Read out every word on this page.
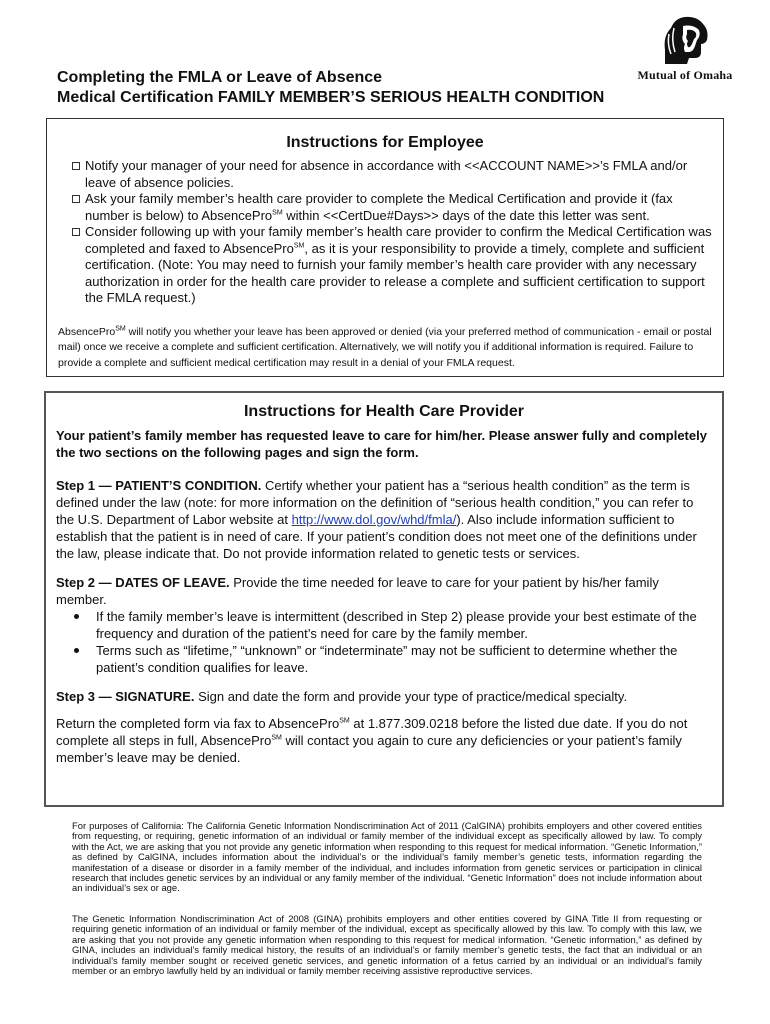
Mutual of Omaha
Completing the FMLA or Leave of Absence
Medical Certification FAMILY MEMBER’S SERIOUS HEALTH CONDITION
Instructions for Employee
Notify your manager of your need for absence in accordance with <<ACCOUNT NAME>>’s FMLA and/or leave of absence policies.
Ask your family member’s health care provider to complete the Medical Certification and provide it (fax number is below) to AbsencePro℠ within <<CertDue#Days>> days of the date this letter was sent.
Consider following up with your family member’s health care provider to confirm the Medical Certification was completed and faxed to AbsencePro℠, as it is your responsibility to provide a timely, complete and sufficient certification. (Note: You may need to furnish your family member’s health care provider with any necessary authorization in order for the health care provider to release a complete and sufficient certification to support the FMLA request.)
AbsencePro℠ will notify you whether your leave has been approved or denied (via your preferred method of communication - email or postal mail) once we receive a complete and sufficient certification. Alternatively, we will notify you if additional information is required. Failure to provide a complete and sufficient medical certification may result in a denial of your FMLA request.
Instructions for Health Care Provider
Your patient’s family member has requested leave to care for him/her. Please answer fully and completely the two sections on the following pages and sign the form.

Step 1 — PATIENT’S CONDITION. Certify whether your patient has a “serious health condition” as the term is defined under the law (note: for more information on the definition of “serious health condition,” you can refer to the U.S. Department of Labor website at http://www.dol.gov/whd/fmla/). Also include information sufficient to establish that the patient is in need of care. If your patient’s condition does not meet one of the definitions under the law, please indicate that. Do not provide information related to genetic tests or services.

Step 2 — DATES OF LEAVE. Provide the time needed for leave to care for your patient by his/her family member.

If the family member’s leave is intermittent (described in Step 2) please provide your best estimate of the frequency and duration of the patient’s need for care by the family member.
Terms such as “lifetime,” “unknown” or “indeterminate” may not be sufficient to determine whether the patient’s condition qualifies for leave.

Step 3 — SIGNATURE. Sign and date the form and provide your type of practice/medical specialty.

Return the completed form via fax to AbsencePro℠ at 1.877.309.0218 before the listed due date. If you do not complete all steps in full, AbsencePro℠ will contact you again to cure any deficiencies or your patient’s family member’s leave may be denied.

For purposes of California: The California Genetic Information Nondiscrimination Act of 2011 (CalGINA) prohibits employers and other covered entities from requesting, or requiring, genetic information of an individual or family member of the individual except as specifically allowed by law. To comply with the Act, we are asking that you not provide any genetic information when responding to this request for medical information. “Genetic Information,” as defined by CalGINA, includes information about the individual’s or the individual’s family member’s genetic tests, information regarding the manifestation of a disease or disorder in a family member of the individual, and includes information from genetic services or participation in clinical research that includes genetic services by an individual or any family member of the individual. “Genetic Information” does not include information about an individual’s sex or age.
The Genetic Information Nondiscrimination Act of 2008 (GINA) prohibits employers and other entities covered by GINA Title II from requesting or requiring genetic information of an individual or family member of the individual, except as specifically allowed by this law. To comply with this law, we are asking that you not provide any genetic information when responding to this request for medical information. “Genetic information,” as defined by GINA, includes an individual’s family medical history, the results of an individual’s or family member’s genetic tests, the fact that an individual or an individual’s family member sought or received genetic services, and genetic information of a fetus carried by an individual or an individual’s family member or an embryo lawfully held by an individual or family member receiving assistive reproductive services.
